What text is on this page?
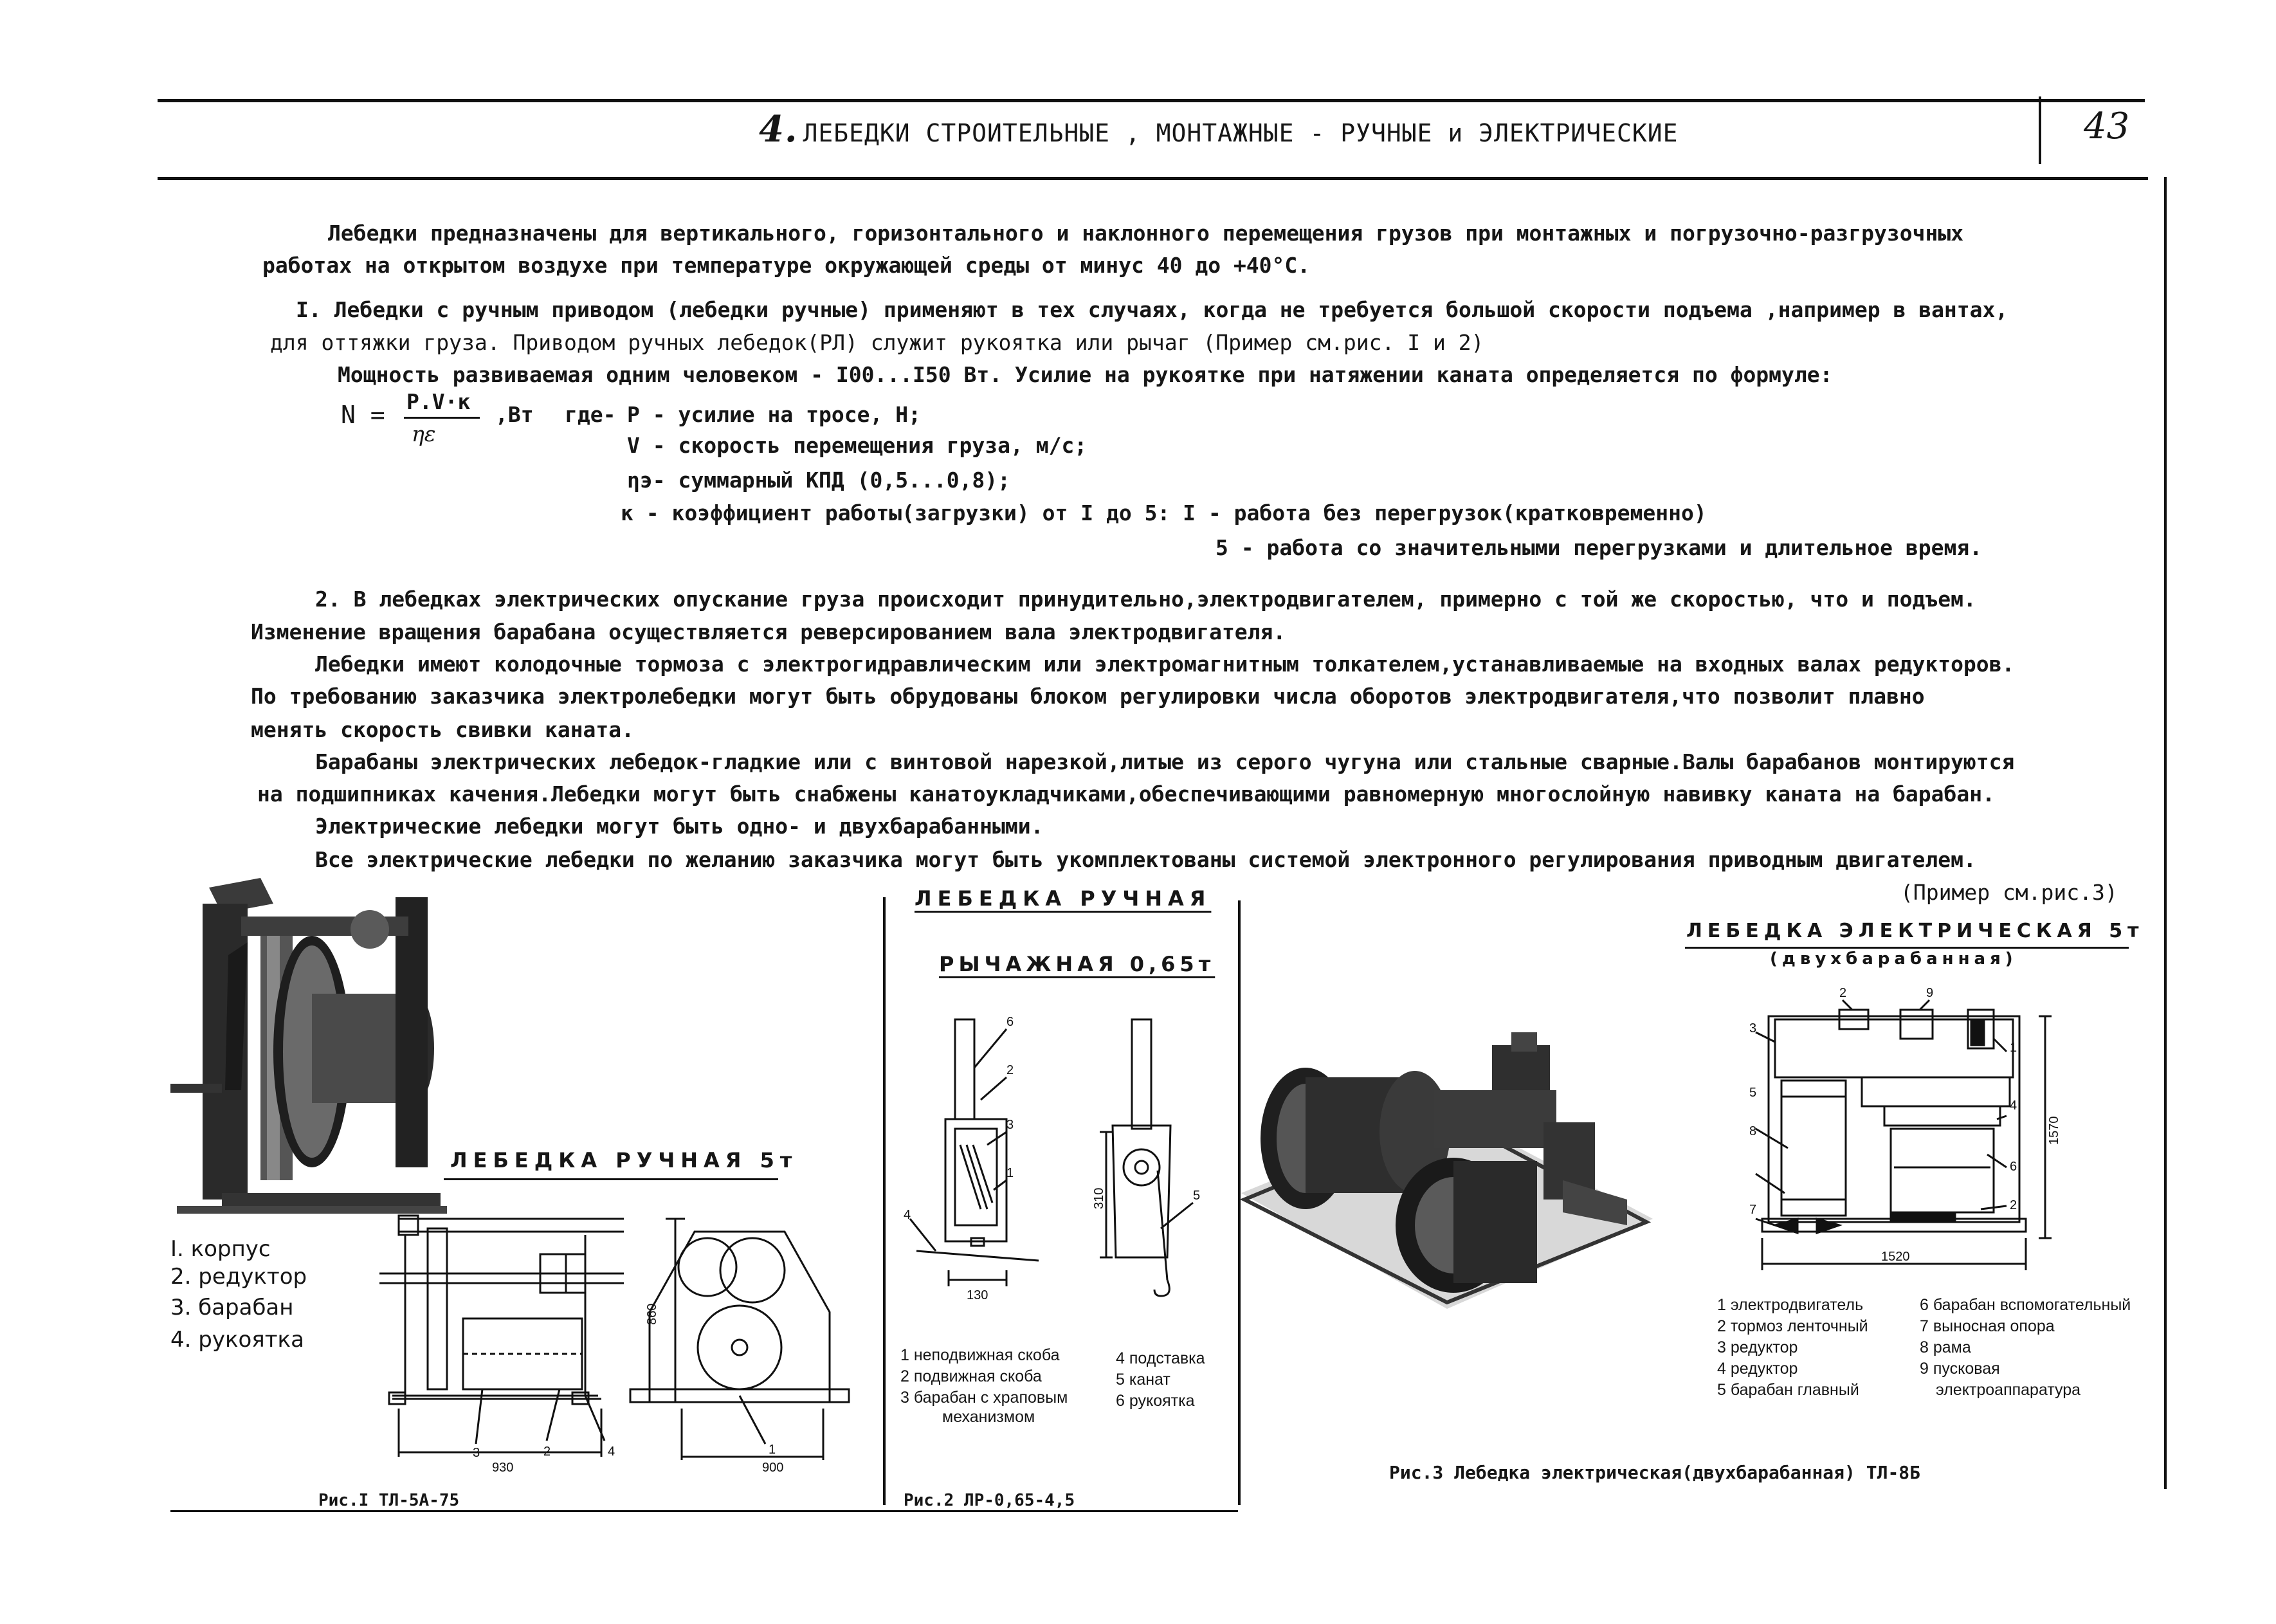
4. ЛЕБЕДКИ СТРОИТЕЛЬНЫЕ , МОНТАЖНЫЕ - РУЧНЫЕ и ЭЛЕКТРИЧЕСКИЕ	43
Лебедки предназначены для вертикального, горизонтального и наклонного перемещения грузов при монтажных и погрузочно-разгрузочных
работах на открытом воздухе при температуре окружающей среды от минус 40 до +40°С.
I. Лебедки с ручным приводом (лебедки ручные) применяют в тех случаях, когда не требуется большой скорости подъема ,например в вантах,
для оттяжки груза. Приводом ручных лебедок(РЛ) служит рукоятка или рычаг (Пример см.рис. I и 2)
Мощность развиваемая одним человеком - I00...I50 Вт. Усилие на рукоятке при натяжении каната определяется по формуле:
N = P.V·к
ηε
,Вт где- Р - усилие на тросе, Н;
V - скорость перемещения груза, м/с;
ηэ- суммарный КПД (0,5...0,8);
к - коэффициент работы(загрузки) от I до 5: I - работа без перегрузок(кратковременно)
5 - работа со значительными перегрузками и длительное время.
2. В лебедках электрических опускание груза происходит принудительно,электродвигателем, примерно с той же скоростью, что и подъем.
Изменение вращения барабана осуществляется реверсированием вала электродвигателя.
Лебедки имеют колодочные тормоза с электрогидравлическим или электромагнитным толкателем,устанавливаемые на входных валах редукторов.
По требованию заказчика электролебедки могут быть обрудованы блоком регулировки числа оборотов электродвигателя,что позволит плавно
менять скорость свивки каната.
Барабаны электрических лебедок-гладкие или с винтовой нарезкой,литые из серого чугуна или стальные сварные.Валы барабанов монтируются
на подшипниках качения.Лебедки могут быть снабжены канатоукладчиками,обеспечивающими равномерную многослойную навивку каната на барабан.
Электрические лебедки могут быть одно- и двухбарабанными.
Все электрические лебедки по желанию заказчика могут быть укомплектованы системой электронного регулирования приводным двигателем.
(Пример см.рис.3)
I. корпус
2. редуктор
3. барабан
4. рукоятка
ЛЕБЕДКА РУЧНАЯ 5т
860
930	900
3	2	4	1
Рис.I ТЛ-5А-75
ЛЕБЕДКА РУЧНАЯ
РЫЧАЖНАЯ 0,65т
130
310
6
2
3
1
4
5
1 неподвижная скоба
2 подвижная скоба
3 барабан с храповым
механизмом
4 подставка
5 канат
6 рукоятка
Рис.2 ЛР-0,65-4,5
ЛЕБЕДКА ЭЛЕКТРИЧЕСКАЯ 5т
(двухбарабанная)
1520
1570
2	9
3
1
5
4
8
6
7	2
1 электродвигатель
2 тормоз ленточный
3 редуктор
4 редуктор
5 барабан главный
6 барабан вспомогательный
7 выносная опора
8 рама
9 пусковая
электроаппаратура
Рис.3 Лебедка электрическая(двухбарабанная) ТЛ-8Б
